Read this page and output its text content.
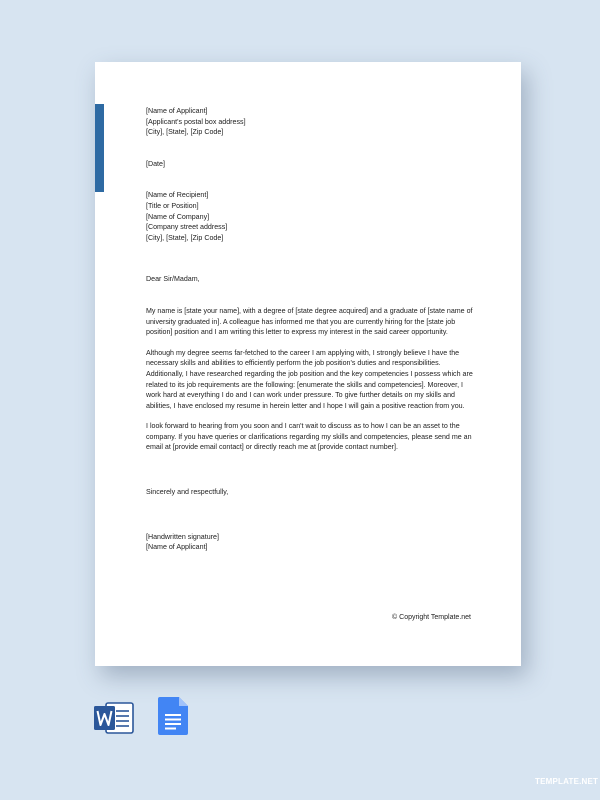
[Name of Applicant]
[Applicant's postal box address]
[City], [State], [Zip Code]
[Date]
[Name of Recipient]
[Title or Position]
[Name of Company]
[Company street address]
[City], [State], [Zip Code]
Dear Sir/Madam,

My name is [state your name], with a degree of [state degree acquired] and a graduate of [state name of university graduated in]. A colleague has informed me that you are currently hiring for the [state job position] position and I am writing this letter to express my interest in the said career opportunity.

Although my degree seems far-fetched to the career I am applying with, I strongly believe I have the necessary skills and abilities to efficiently perform the job position's duties and responsibilities. Additionally, I have researched regarding the job position and the key competencies I possess which are related to its job requirements are the following: [enumerate the skills and competencies]. Moreover, I work hard at everything I do and I can work under pressure. To give further details on my skills and abilities, I have enclosed my resume in herein letter and I hope I will gain a positive reaction from you.

I look forward to hearing from you soon and I can't wait to discuss as to how I can be an asset to the company. If you have queries or clarifications regarding my skills and competencies, please send me an email at [provide email contact] or directly reach me at [provide contact number].

Sincerely and respectfully,
[Handwritten signature]
[Name of Applicant]
© Copyright Template.net
TEMPLATE.NET
